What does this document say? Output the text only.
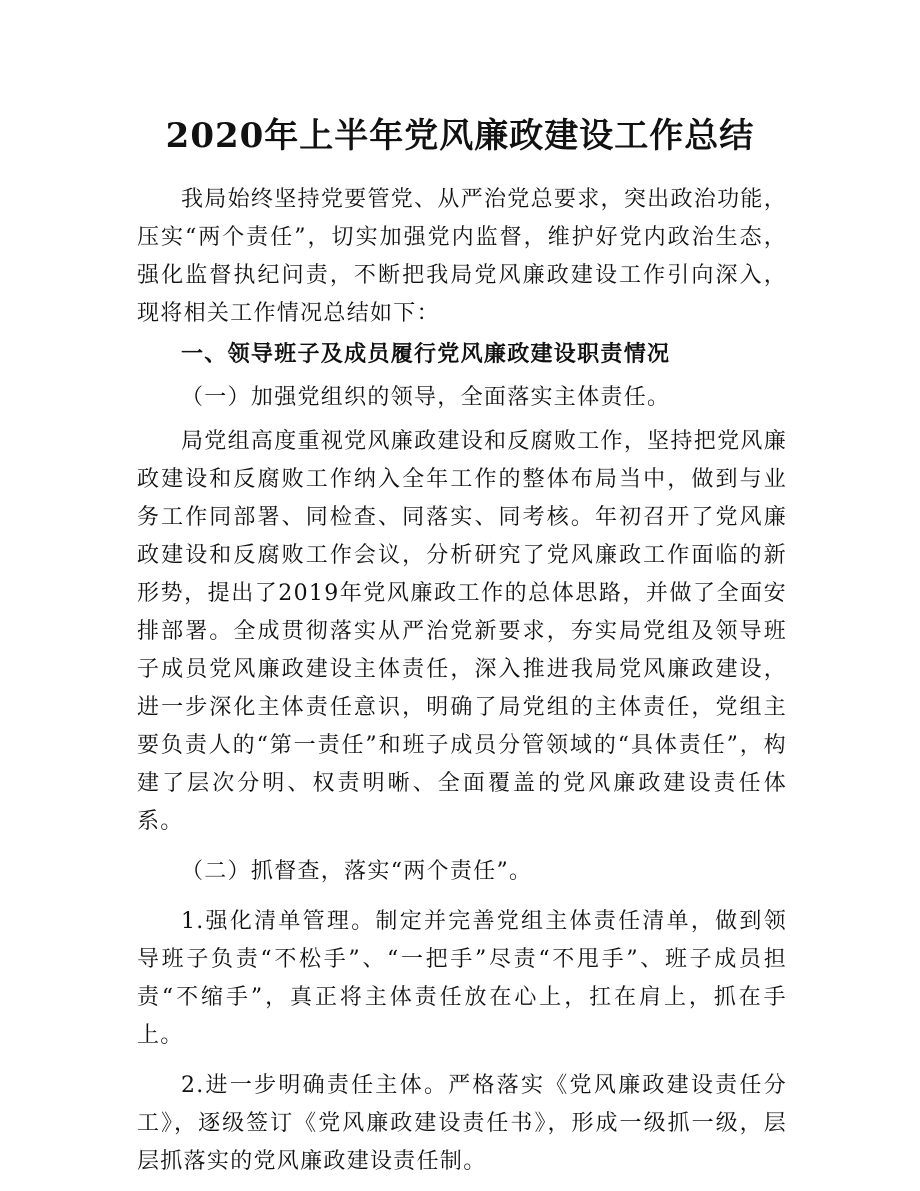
2020年上半年党风廉政建设工作总结

我局始终坚持党要管党、从严治党总要求，突出政治功能，压实“两个责任”，切实加强党内监督，维护好党内政治生态，强化监督执纪问责，不断把我局党风廉政建设工作引向深入，现将相关工作情况总结如下：

一、领导班子及成员履行党风廉政建设职责情况

（一）加强党组织的领导，全面落实主体责任。

局党组高度重视党风廉政建设和反腐败工作，坚持把党风廉政建设和反腐败工作纳入全年工作的整体布局当中，做到与业务工作同部署、同检查、同落实、同考核。年初召开了党风廉政建设和反腐败工作会议，分析研究了党风廉政工作面临的新形势，提出了2019年党风廉政工作的总体思路，并做了全面安排部署。全成贯彻落实从严治党新要求，夯实局党组及领导班子成员党风廉政建设主体责任，深入推进我局党风廉政建设，进一步深化主体责任意识，明确了局党组的主体责任，党组主要负责人的“第一责任”和班子成员分管领域的“具体责任”，构建了层次分明、权责明晰、全面覆盖的党风廉政建设责任体系。

（二）抓督查，落实“两个责任”。

1.强化清单管理。制定并完善党组主体责任清单，做到领导班子负责“不松手”、“一把手”尽责“不甩手”、班子成员担责“不缩手”，真正将主体责任放在心上，扛在肩上，抓在手上。

2.进一步明确责任主体。严格落实《党风廉政建设责任分工》，逐级签订《党风廉政建设责任书》，形成一级抓一级，层层抓落实的党风廉政建设责任制。
